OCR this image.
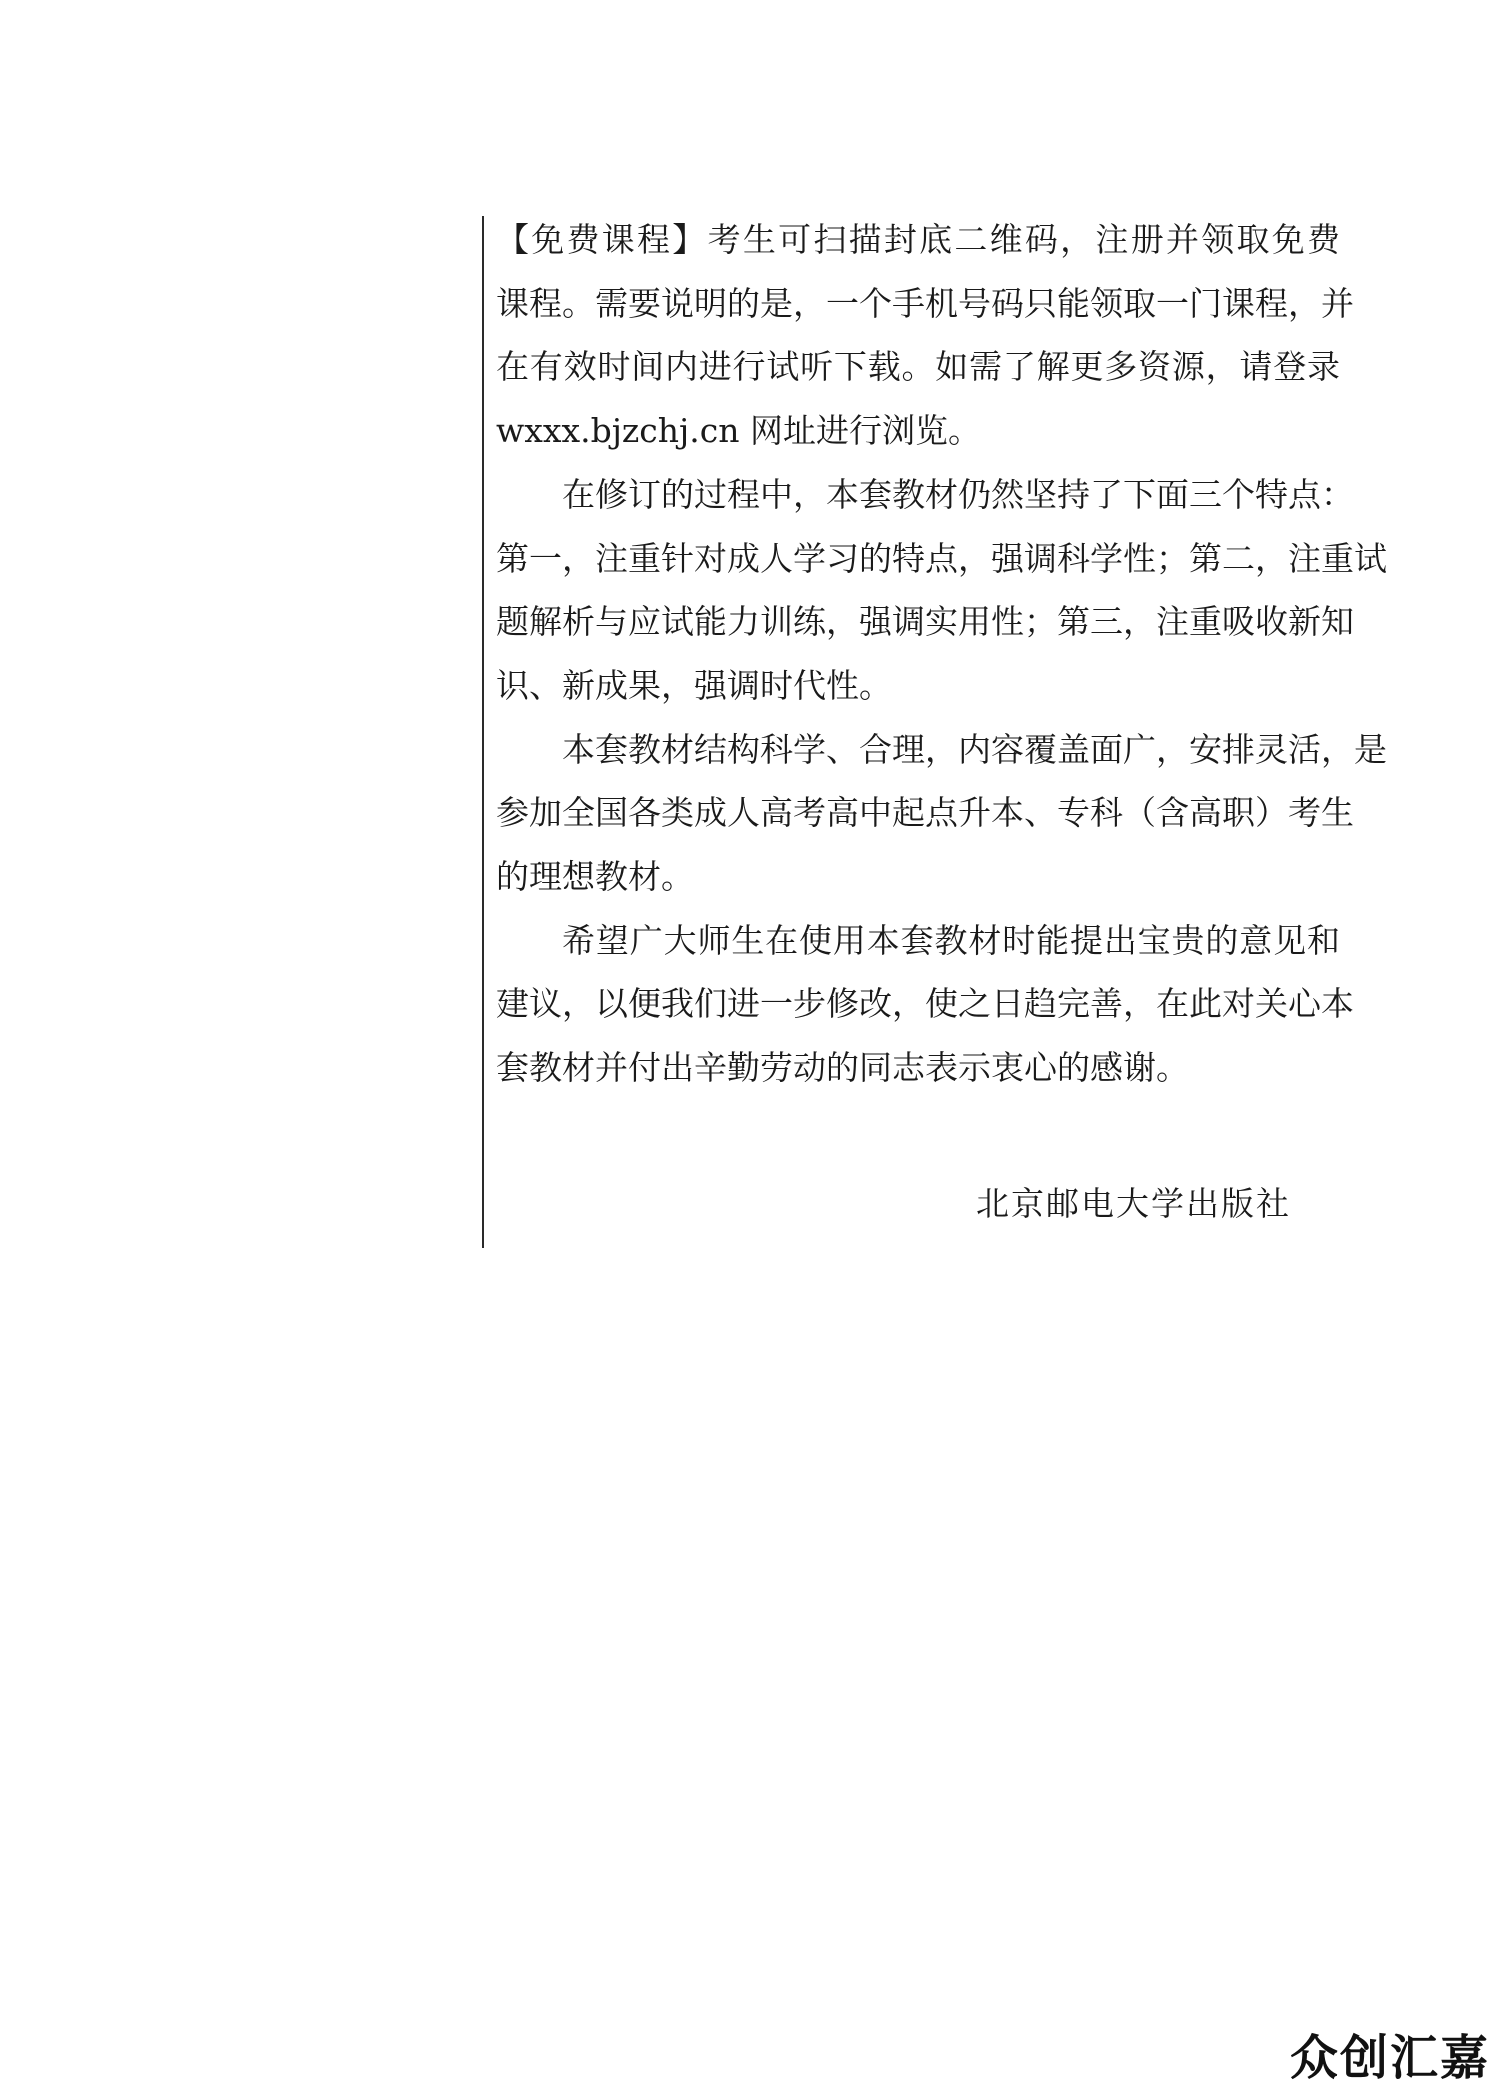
【免费课程】考生可扫描封底二维码，注册并领取免费
课程。需要说明的是，一个手机号码只能领取一门课程，并
在有效时间内进行试听下载。如需了解更多资源，请登录
wxxx.bjzchj.cn 网址进行浏览。
在修订的过程中，本套教材仍然坚持了下面三个特点：
第一，注重针对成人学习的特点，强调科学性；第二，注重试
题解析与应试能力训练，强调实用性；第三，注重吸收新知
识、新成果，强调时代性。
本套教材结构科学、合理，内容覆盖面广，安排灵活，是
参加全国各类成人高考高中起点升本、专科（含高职）考生
的理想教材。
希望广大师生在使用本套教材时能提出宝贵的意见和
建议，以便我们进一步修改，使之日趋完善，在此对关心本
套教材并付出辛勤劳动的同志表示衷心的感谢。
北京邮电大学出版社
众创汇嘉
